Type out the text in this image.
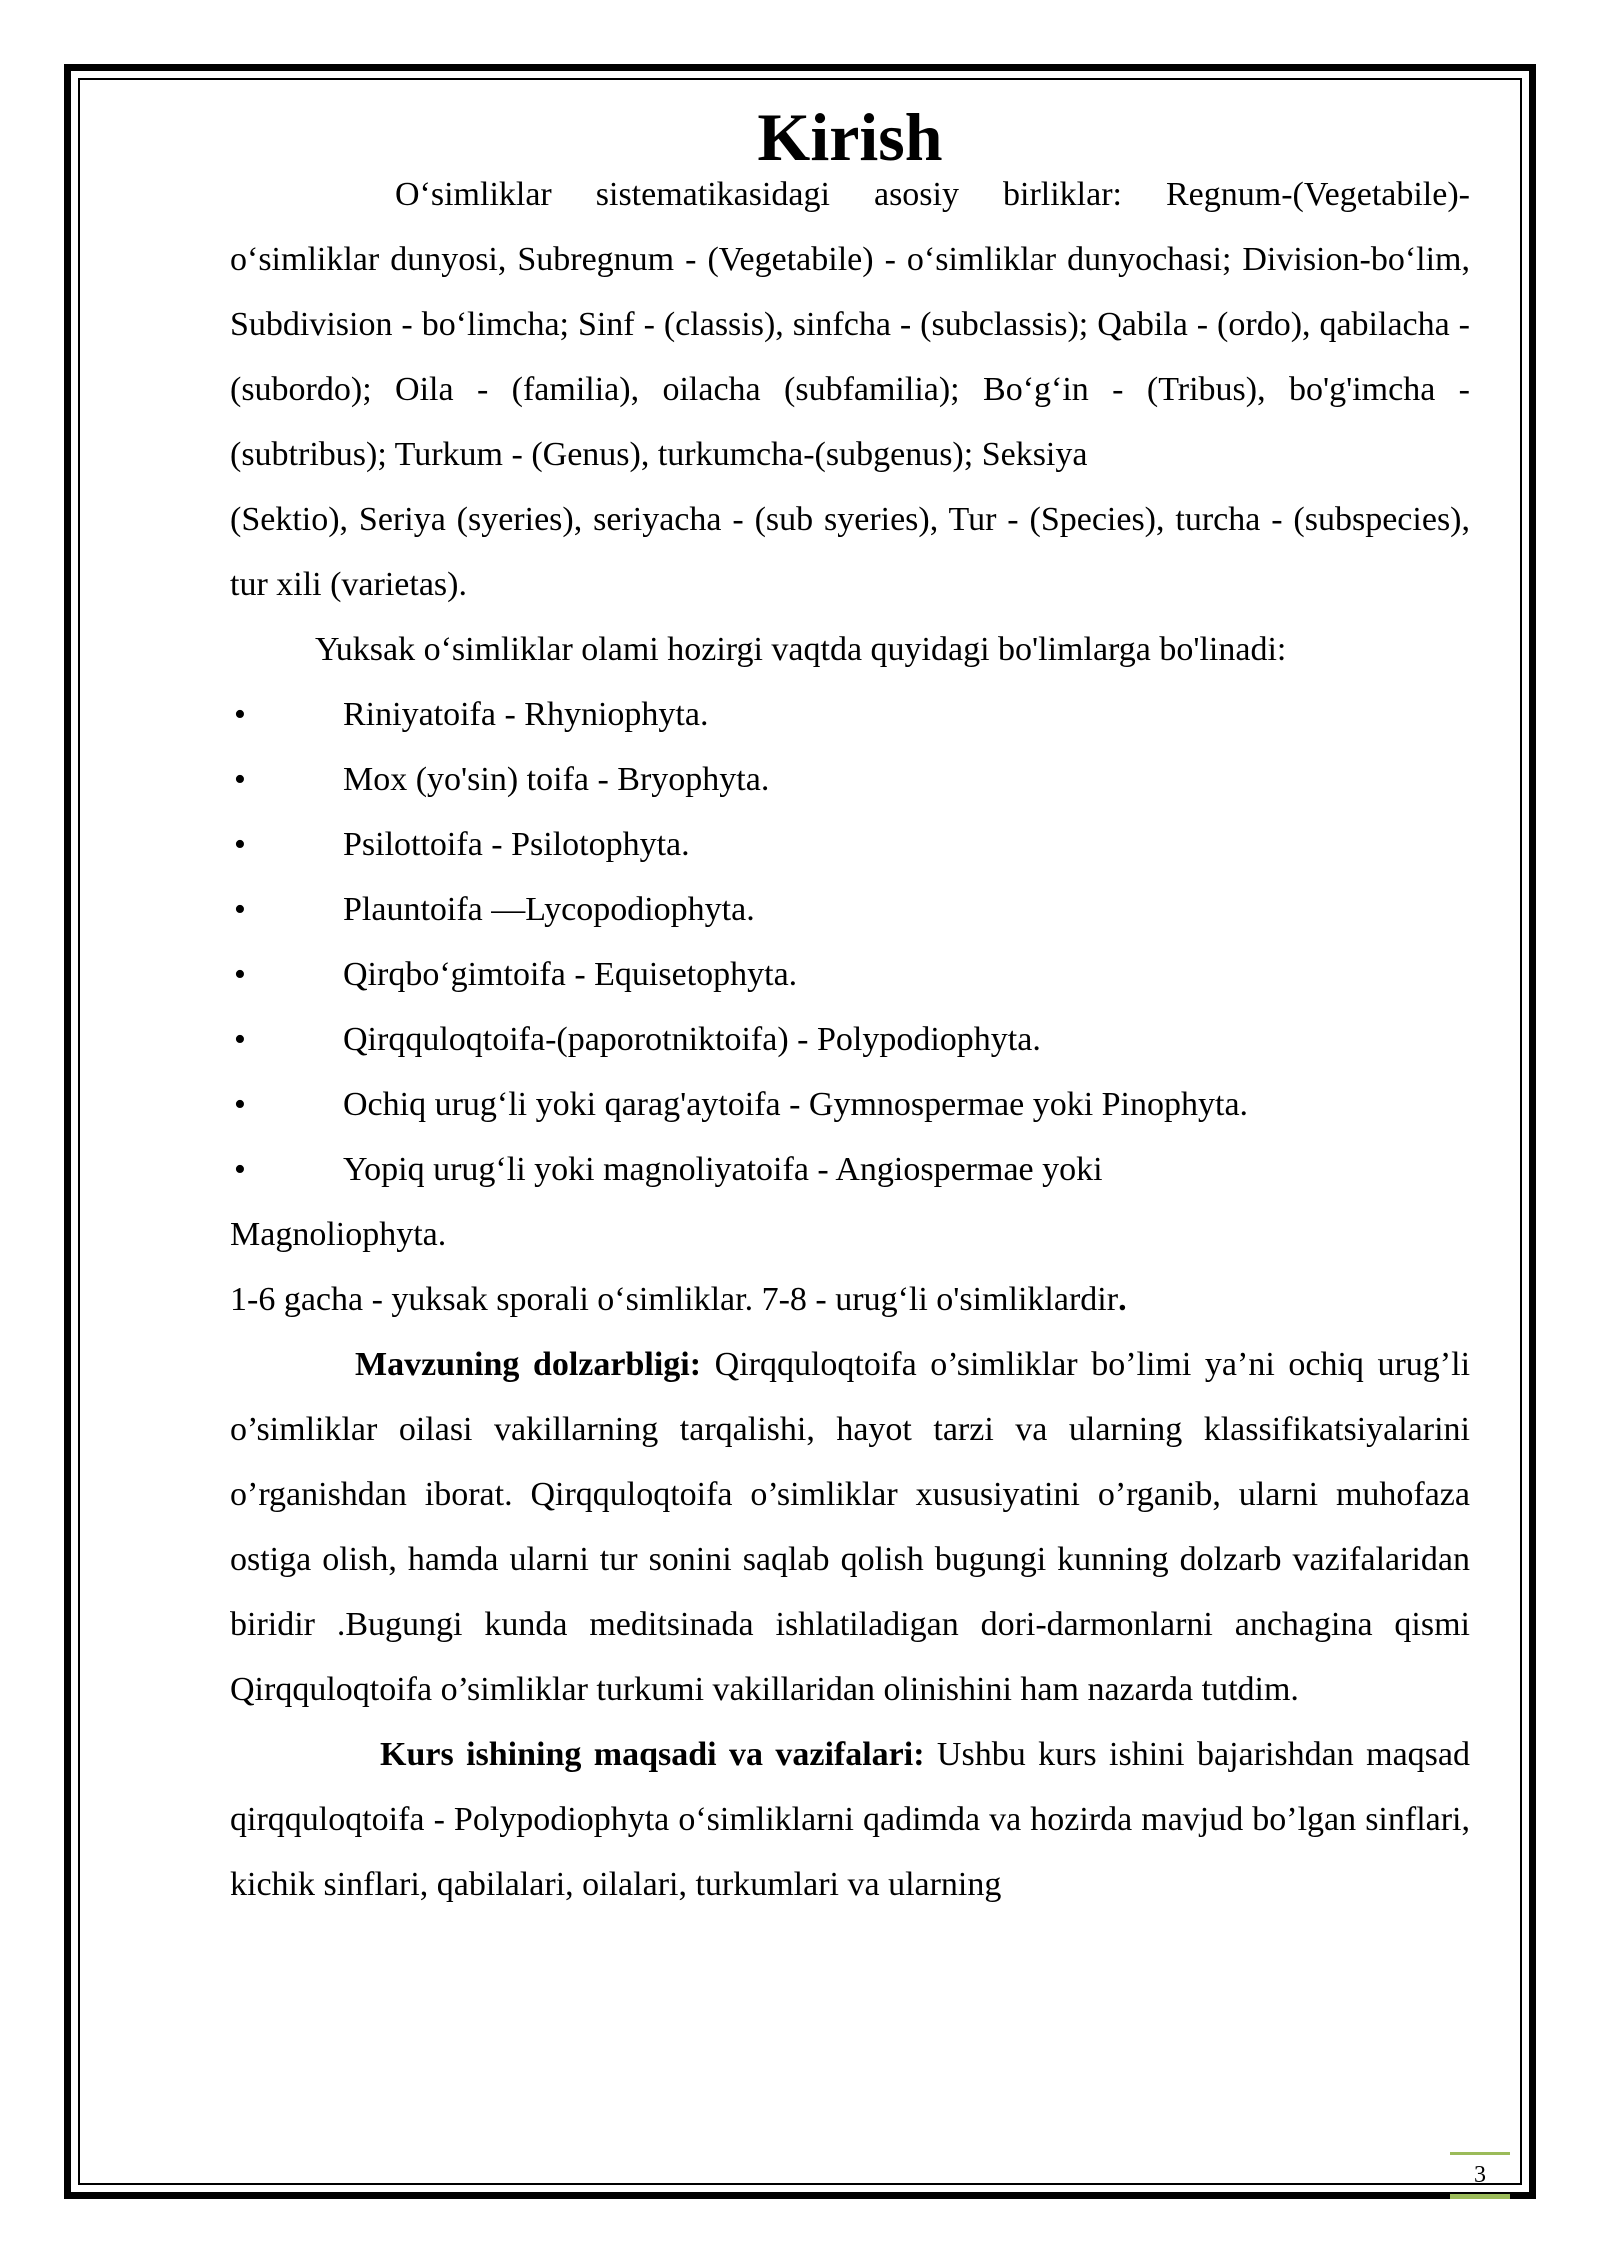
Kirish

O‘simliklar sistematikasidagi asosiy birliklar: Regnum-(Vegetabile)-o‘simliklar dunyosi, Subregnum - (Vegetabile) - o‘simliklar dunyochasi; Division-bo‘lim, Subdivision - bo‘limcha; Sinf - (classis), sinfcha - (subclassis); Qabila - (ordo), qabilacha - (subordo); Oila - (familia), oilacha (subfamilia); Bo‘g‘in - (Tribus), bo'g'imcha - (subtribus); Turkum - (Genus), turkumcha-(subgenus); Seksiya

(Sektio), Seriya (syeries), seriyacha - (sub syeries), Tur - (Species), turcha - (subspecies), tur xili (varietas).

Yuksak o‘simliklar olami hozirgi vaqtda quyidagi bo'limlarga bo'linadi:

•	Riniyatoifa - Rhyniophyta.
•	Mox (yo'sin) toifa - Bryophyta.
•	Psilottoifa - Psilotophyta.
•	Plauntoifa —Lycopodiophyta.
•	Qirqbo‘gimtoifa - Equisetophyta.
•	Qirqquloqtoifa-(paporotniktoifa) - Polypodiophyta.
•	Ochiq urug‘li yoki qarag'aytoifa - Gymnospermae yoki Pinophyta.
•	Yopiq urug‘li yoki magnoliyatoifa - Angiospermae yoki

Magnoliophyta.

1-6 gacha - yuksak sporali o‘simliklar. 7-8 - urug‘li o'simliklardir.

Mavzuning dolzarbligi: Qirqquloqtoifa o’simliklar bo’limi ya’ni ochiq urug’li o’simliklar oilasi vakillarning tarqalishi, hayot tarzi va ularning klassifikatsiyalarini o’rganishdan iborat. Qirqquloqtoifa o’simliklar xususiyatini o’rganib, ularni muhofaza ostiga olish, hamda ularni tur sonini saqlab qolish bugungi kunning dolzarb vazifalaridan biridir .Bugungi kunda meditsinada ishlatiladigan dori-darmonlarni anchagina qismi Qirqquloqtoifa o’simliklar turkumi vakillaridan olinishini ham nazarda tutdim.

Kurs ishining maqsadi va vazifalari: Ushbu kurs ishini bajarishdan maqsad qirqquloqtoifa - Polypodiophyta o‘simliklarni qadimda va hozirda mavjud bo’lgan sinflari, kichik sinflari, qabilalari, oilalari, turkumlari va ularning

3
